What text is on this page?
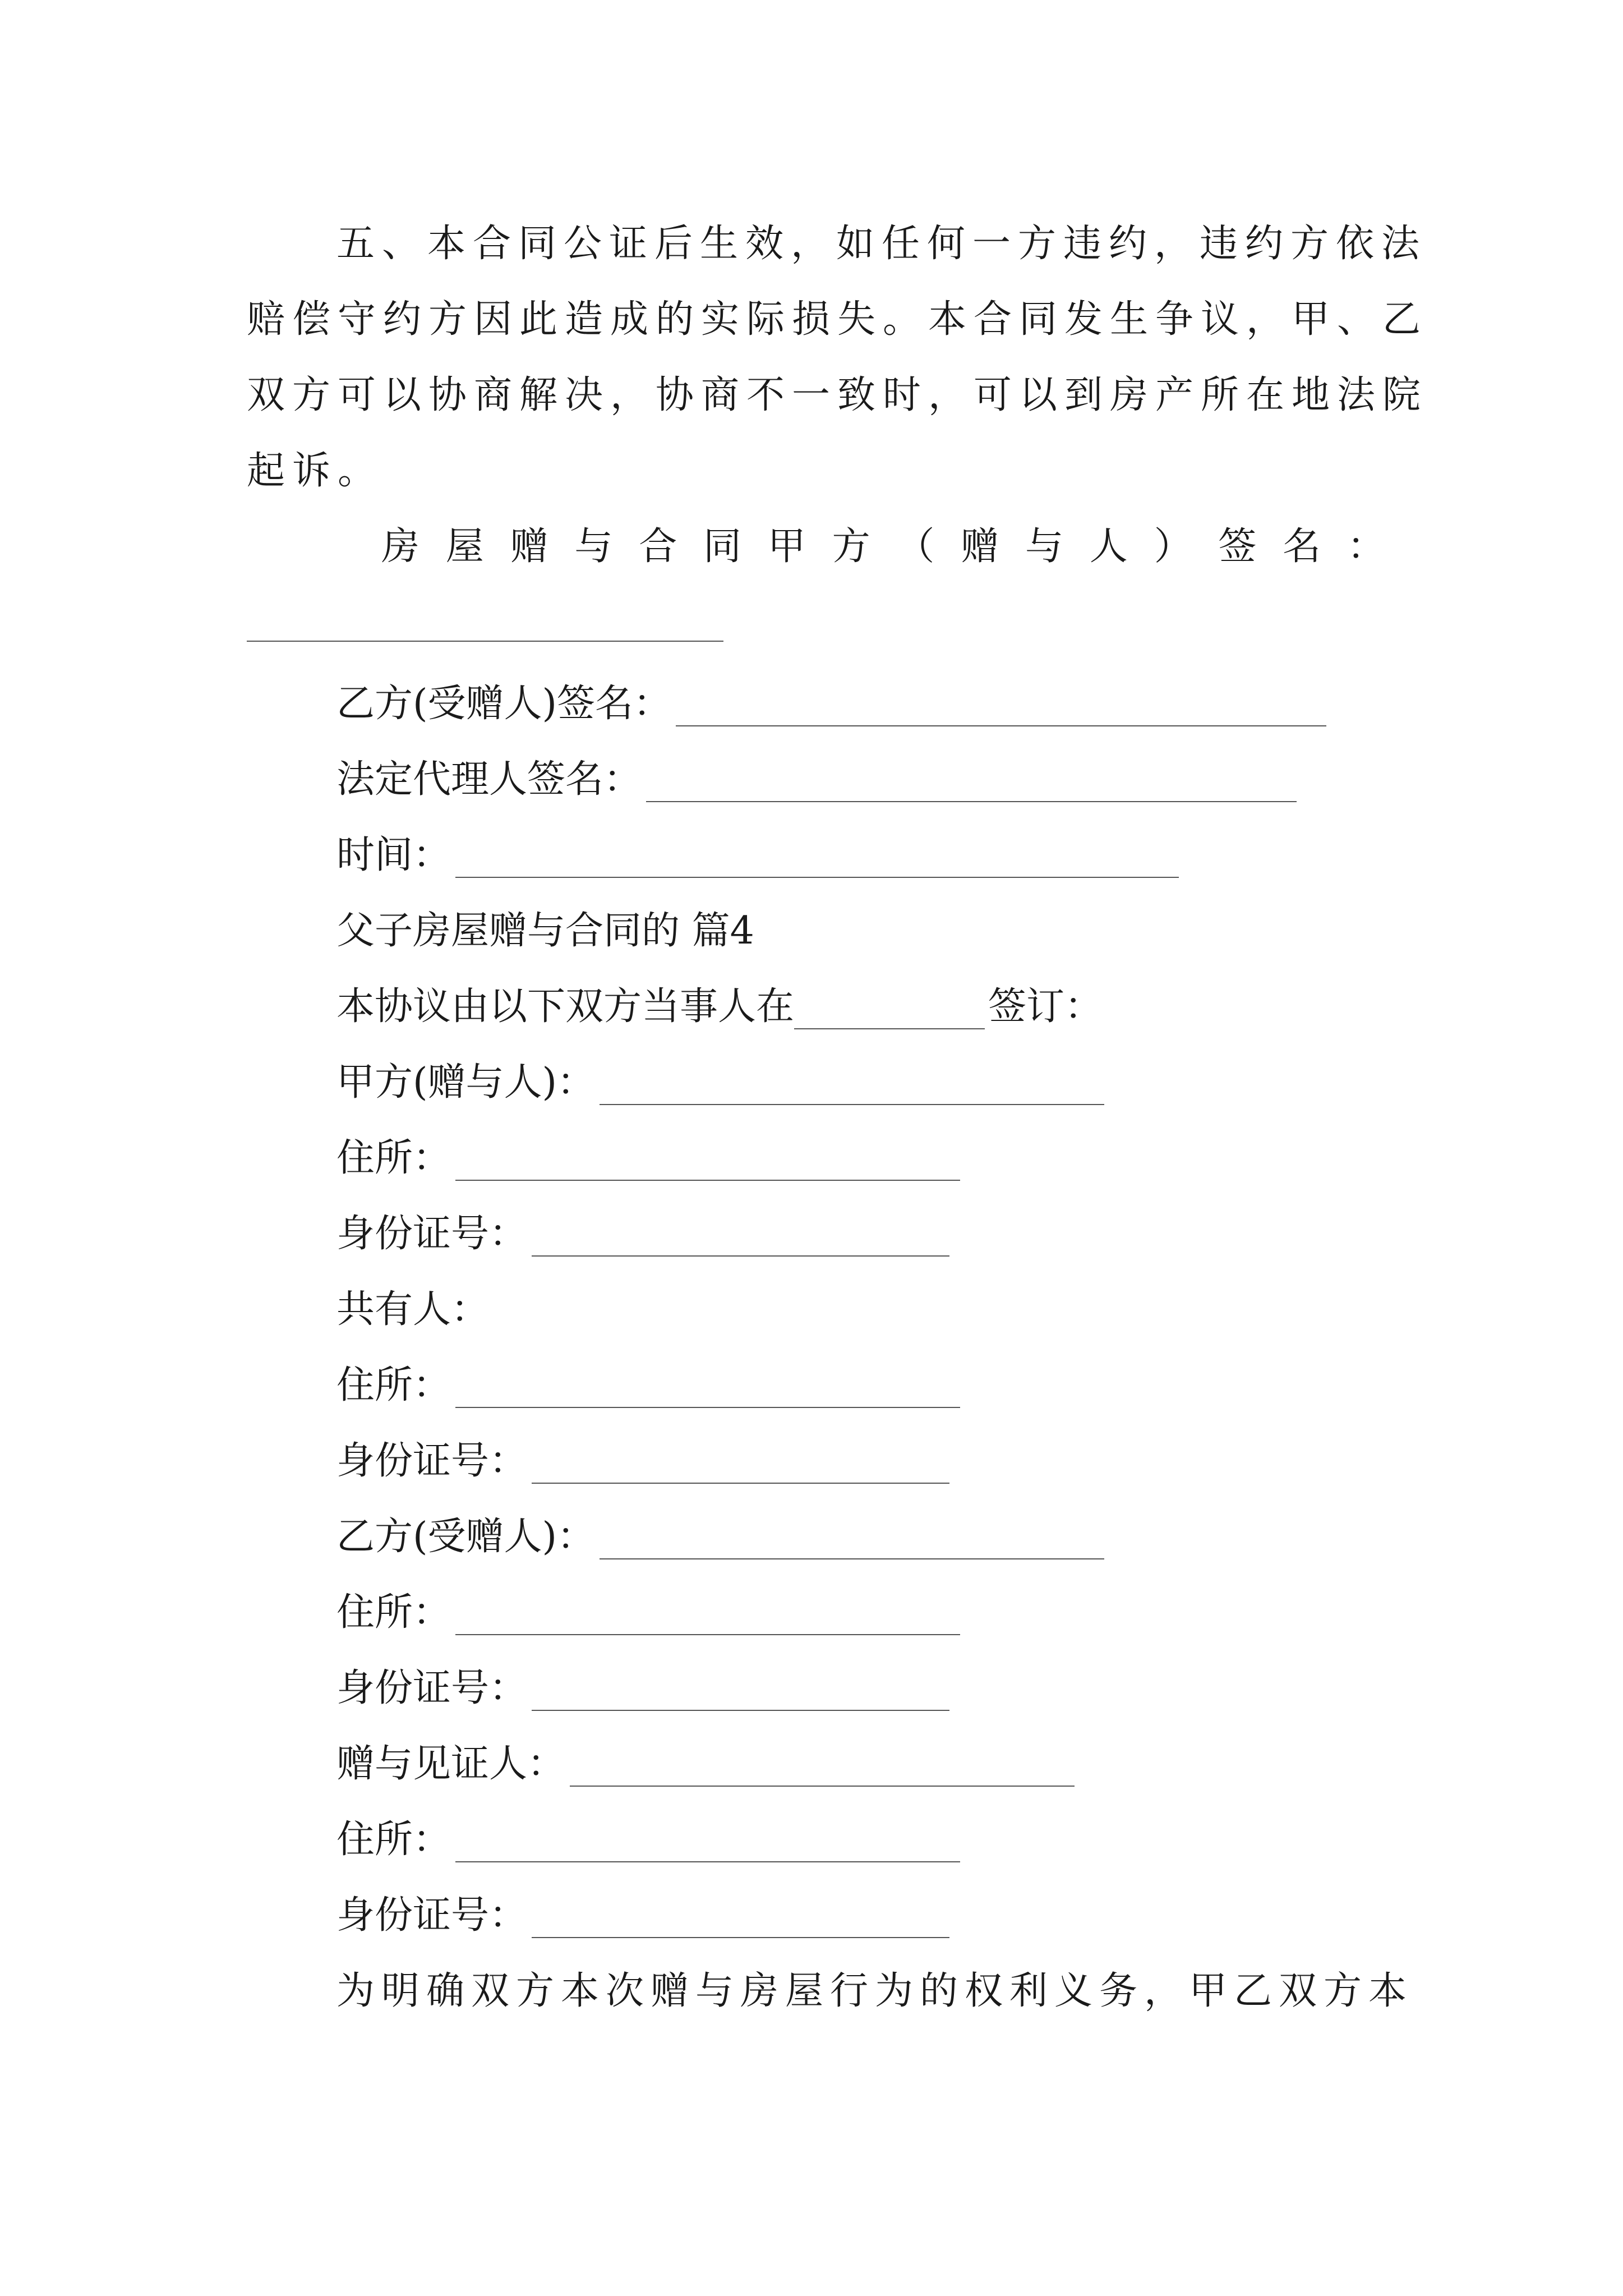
五、本合同公证后生效，如任何一方违约，违约方依法
赔偿守约方因此造成的实际损失。本合同发生争议，甲、乙
双方可以协商解决，协商不一致时，可以到房产所在地法院
起诉。
房 屋 赠 与 合 同 甲 方 （ 赠 与 人 ） 签 名 ：
乙方(受赠人)签名：
法定代理人签名：
时间：
父子房屋赠与合同的 篇4
本协议由以下双方当事人在	签订：
甲方(赠与人)：
住所：
身份证号：
共有人：
住所：
身份证号：
乙方(受赠人)：
住所：
身份证号：
赠与见证人：
住所：
身份证号：
为明确双方本次赠与房屋行为的权利义务，甲乙双方本
